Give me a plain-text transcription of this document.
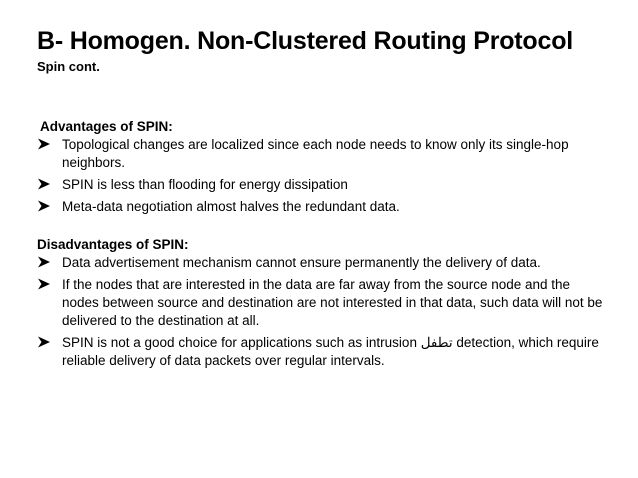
B- Homogen. Non-Clustered Routing Protocol
Spin cont.

Advantages of SPIN:

Topological changes are localized since each node needs to know only its single-hop neighbors.
SPIN is less than flooding for energy dissipation
Meta-data negotiation almost halves the redundant data.

Disadvantages of SPIN:

Data advertisement mechanism cannot ensure permanently the delivery of data.
If the nodes that are interested in the data are far away from the source node and the nodes between source and destination are not interested in that data, such data will not be delivered to the destination at all.
SPIN is not a good choice for applications such as intrusion تطفل detection, which require reliable delivery of data packets over regular intervals.
